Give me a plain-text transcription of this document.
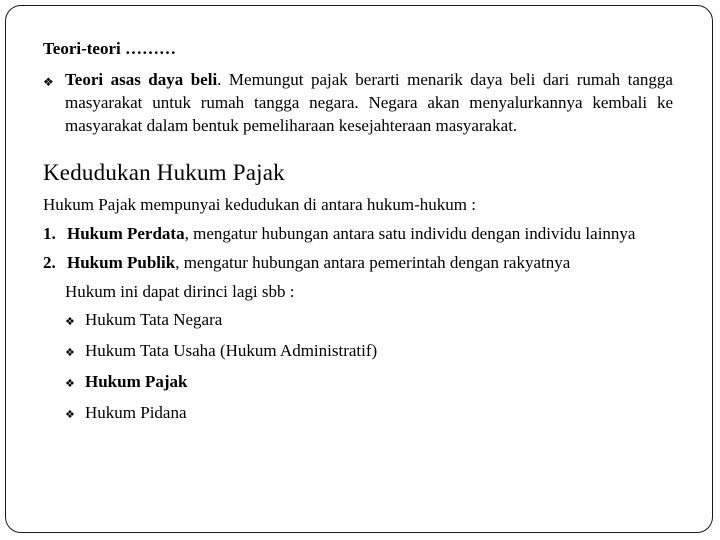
Teori-teori ………
❖ Teori asas daya beli. Memungut pajak berarti menarik daya beli dari rumah tangga masyarakat untuk rumah tangga negara. Negara akan menyalurkannya kembali ke masyarakat dalam bentuk pemeliharaan kesejahteraan masyarakat.
Kedudukan Hukum Pajak
Hukum Pajak mempunyai kedudukan di antara hukum-hukum :
1. Hukum Perdata, mengatur hubungan antara satu individu dengan individu lainnya
2. Hukum Publik, mengatur hubungan antara pemerintah dengan rakyatnya
Hukum ini dapat dirinci lagi sbb :
❖ Hukum Tata Negara
❖ Hukum Tata Usaha (Hukum Administratif)
❖ Hukum Pajak
❖ Hukum Pidana
